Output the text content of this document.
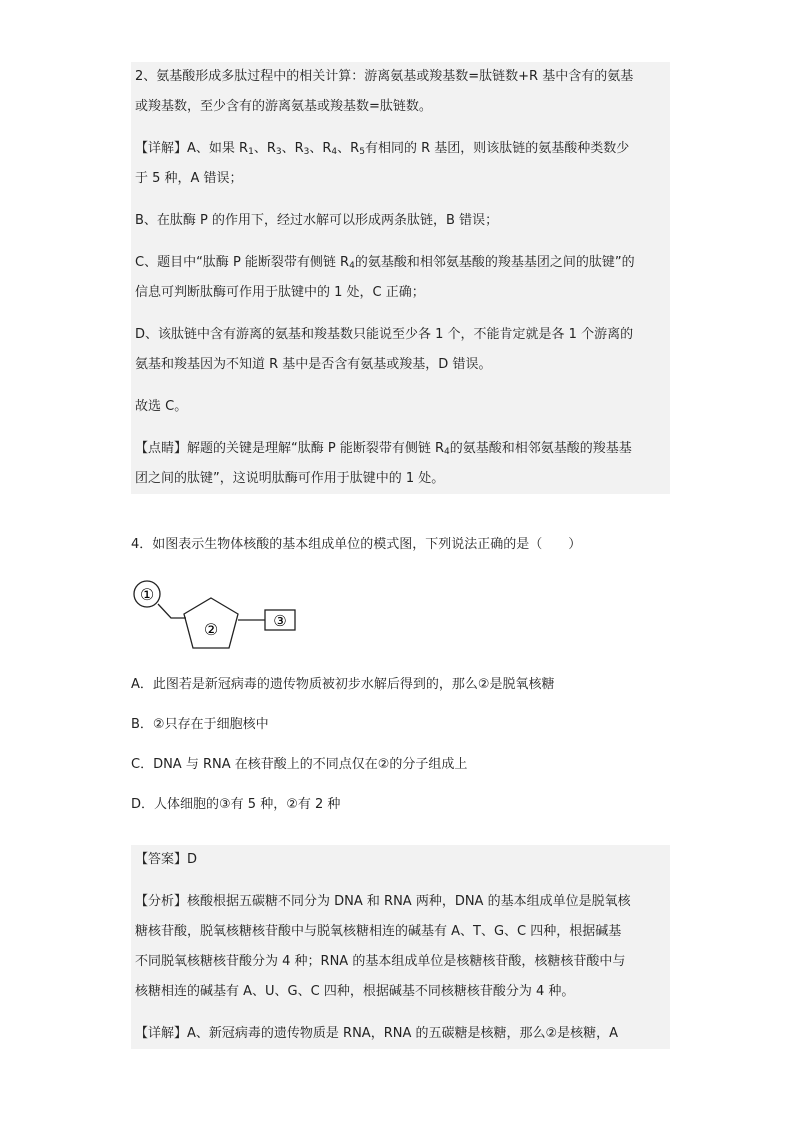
2、氨基酸形成多肽过程中的相关计算：游离氨基或羧基数=肽链数+R 基中含有的氨基

或羧基数，至少含有的游离氨基或羧基数=肽链数。

【详解】A、如果 $R_1$、$R_3$、$R_3$、$R_4$、$R_5$有相同的 R 基团，则该肽链的氨基酸种类数少

于 5 种，A 错误；

B、在肽酶 P 的作用下，经过水解可以形成两条肽链，B 错误；

C、题目中“肽酶 P 能断裂带有侧链 $R_4$的氨基酸和相邻氨基酸的羧基基团之间的肽键”的

信息可判断肽酶可作用于肽键中的 1 处，C 正确；

D、该肽链中含有游离的氨基和羧基数只能说至少各 1 个，不能肯定就是各 1 个游离的

氨基和羧基因为不知道 R 基中是否含有氨基或羧基，D 错误。

故选 C。

【点睛】解题的关键是理解“肽酶 P 能断裂带有侧链 $R_4$的氨基酸和相邻氨基酸的羧基基

团之间的肽键”，这说明肽酶可作用于肽键中的 1 处。

4．如图表示生物体核酸的基本组成单位的模式图，下列说法正确的是（　　）

①
②	③

A．此图若是新冠病毒的遗传物质被初步水解后得到的，那么②是脱氧核糖

B．②只存在于细胞核中

C．DNA 与 RNA 在核苷酸上的不同点仅在②的分子组成上

D．人体细胞的③有 5 种，②有 2 种

【答案】D

【分析】核酸根据五碳糖不同分为 DNA 和 RNA 两种，DNA 的基本组成单位是脱氧核

糖核苷酸，脱氧核糖核苷酸中与脱氧核糖相连的碱基有 A、T、G、C 四种，根据碱基

不同脱氧核糖核苷酸分为 4 种；RNA 的基本组成单位是核糖核苷酸，核糖核苷酸中与

核糖相连的碱基有 A、U、G、C 四种，根据碱基不同核糖核苷酸分为 4 种。

【详解】A、新冠病毒的遗传物质是 RNA，RNA 的五碳糖是核糖，那么②是核糖，A
